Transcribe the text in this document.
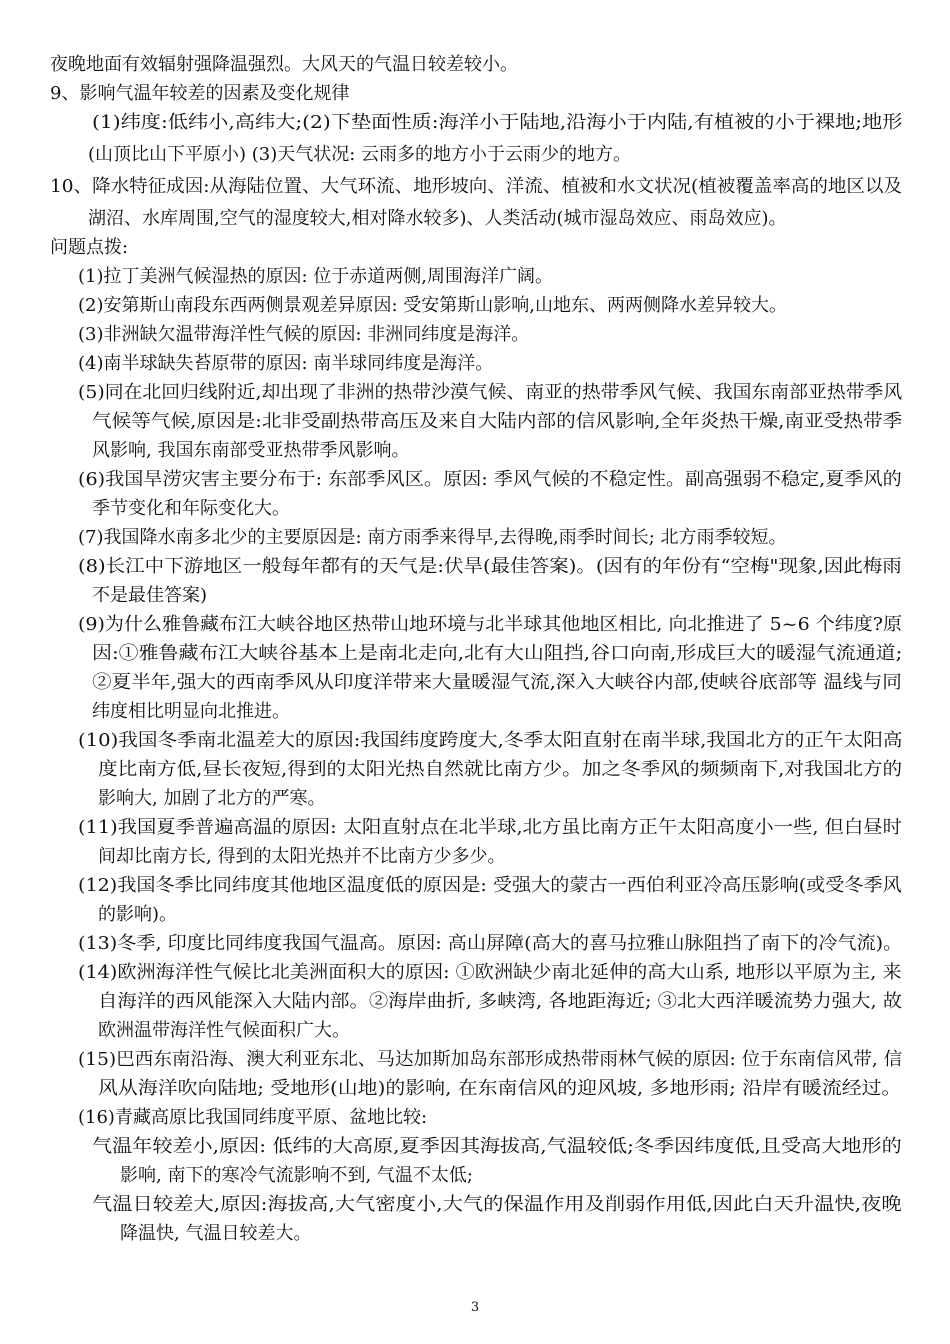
夜晚地面有效辐射强降温强烈。大风天的气温日较差较小。
9、影响气温年较差的因素及变化规律
(1)纬度:低纬小,高纬大;(2)下垫面性质:海洋小于陆地,沿海小于内陆,有植被的小于裸地;地形
(山顶比山下平原小) (3)天气状况: 云雨多的地方小于云雨少的地方。
10、降水特征成因:从海陆位置、大气环流、地形坡向、洋流、植被和水文状况(植被覆盖率高的地区以及
湖沼、水库周围,空气的湿度较大,相对降水较多)、人类活动(城市湿岛效应、雨岛效应)。
问题点拨:
(1)拉丁美洲气候湿热的原因: 位于赤道两侧,周围海洋广阔。
(2)安第斯山南段东西两侧景观差异原因: 受安第斯山影响,山地东、两两侧降水差异较大。
(3)非洲缺欠温带海洋性气候的原因: 非洲同纬度是海洋。
(4)南半球缺失苔原带的原因: 南半球同纬度是海洋。
(5)同在北回归线附近,却出现了非洲的热带沙漠气候、南亚的热带季风气候、我国东南部亚热带季风
气候等气候,原因是:北非受副热带高压及来自大陆内部的信风影响,全年炎热干燥,南亚受热带季
风影响, 我国东南部受亚热带季风影响。
(6)我国旱涝灾害主要分布于: 东部季风区。原因: 季风气候的不稳定性。副高强弱不稳定,夏季风的
季节变化和年际变化大。
(7)我国降水南多北少的主要原因是: 南方雨季来得早,去得晚,雨季时间长; 北方雨季较短。
(8)长江中下游地区一般每年都有的天气是:伏旱(最佳答案)。(因有的年份有“空梅"现象,因此梅雨
不是最佳答案)
(9)为什么雅鲁藏布江大峡谷地区热带山地环境与北半球其他地区相比, 向北推进了 5~6 个纬度?原
因:①雅鲁藏布江大峡谷基本上是南北走向,北有大山阻挡,谷口向南,形成巨大的暖湿气流通道;
②夏半年,强大的西南季风从印度洋带来大量暖湿气流,深入大峡谷内部,使峡谷底部等 温线与同
纬度相比明显向北推进。
(10)我国冬季南北温差大的原因:我国纬度跨度大,冬季太阳直射在南半球,我国北方的正午太阳高
度比南方低,昼长夜短,得到的太阳光热自然就比南方少。加之冬季风的频频南下,对我国北方的
影响大, 加剧了北方的严寒。
(11)我国夏季普遍高温的原因: 太阳直射点在北半球,北方虽比南方正午太阳高度小一些, 但白昼时
间却比南方长, 得到的太阳光热并不比南方少多少。
(12)我国冬季比同纬度其他地区温度低的原因是: 受强大的蒙古一西伯利亚冷高压影响(或受冬季风
的影响)。
(13)冬季, 印度比同纬度我国气温高。原因: 高山屏障(高大的喜马拉雅山脉阻挡了南下的冷气流)。
(14)欧洲海洋性气候比北美洲面积大的原因: ①欧洲缺少南北延伸的高大山系, 地形以平原为主, 来
自海洋的西风能深入大陆内部。②海岸曲折, 多峡湾, 各地距海近; ③北大西洋暖流势力强大, 故
欧洲温带海洋性气候面积广大。
(15)巴西东南沿海、澳大利亚东北、马达加斯加岛东部形成热带雨林气候的原因: 位于东南信风带, 信
风从海洋吹向陆地; 受地形(山地)的影响, 在东南信风的迎风坡, 多地形雨; 沿岸有暖流经过。
(16)青藏高原比我国同纬度平原、盆地比较:
气温年较差小,原因: 低纬的大高原,夏季因其海拔高,气温较低;冬季因纬度低,且受高大地形的
影响, 南下的寒冷气流影响不到, 气温不太低;
气温日较差大,原因:海拔高,大气密度小,大气的保温作用及削弱作用低,因此白天升温快,夜晚
降温快, 气温日较差大。
3
